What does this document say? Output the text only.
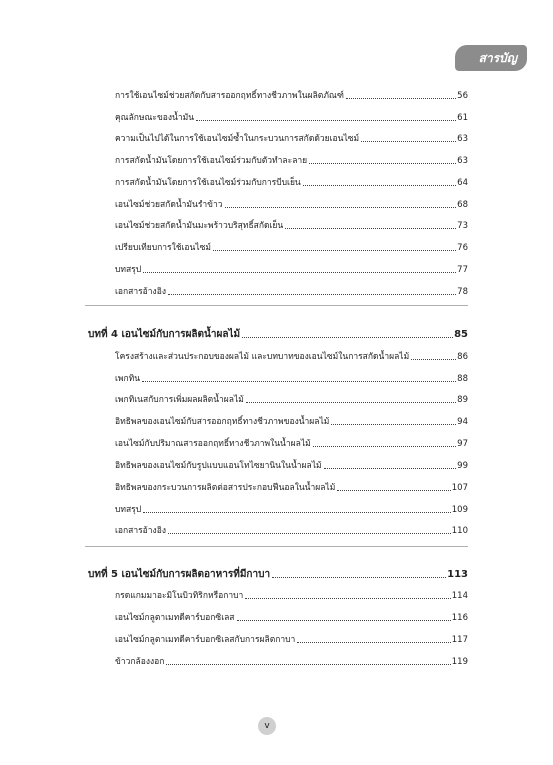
สารบัญ
การใช้เอนไซม์ช่วยสกัดกับสารออกฤทธิ์ทางชีวภาพในผลิตภัณฑ์	56
คุณลักษณะของน้ำมัน	61
ความเป็นไปได้ในการใช้เอนไซม์ซ้ำในกระบวนการสกัดด้วยเอนไซม์	63
การสกัดน้ำมันโดยการใช้เอนไซม์ร่วมกับตัวทำละลาย	63
การสกัดน้ำมันโดยการใช้เอนไซม์ร่วมกับการบีบเย็น	64
เอนไซม์ช่วยสกัดน้ำมันรำข้าว	68
เอนไซม์ช่วยสกัดน้ำมันมะพร้าวบริสุทธิ์สกัดเย็น	73
เปรียบเทียบการใช้เอนไซม์	76
บทสรุป	77
เอกสารอ้างอิง	78
บทที่ 4 เอนไซม์กับการผลิตน้ำผลไม้	85
โครงสร้างและส่วนประกอบของผลไม้ และบทบาทของเอนไซม์ในการสกัดน้ำผลไม้	86
เพกทิน	88
เพกทิเนสกับการเพิ่มผลผลิตน้ำผลไม้	89
อิทธิพลของเอนไซม์กับสารออกฤทธิ์ทางชีวภาพของน้ำผลไม้	94
เอนไซม์กับปริมาณสารออกฤทธิ์ทางชีวภาพในน้ำผลไม้	97
อิทธิพลของเอนไซม์กับรูปแบบแอนโทไซยานินในน้ำผลไม้	99
อิทธิพลของกระบวนการผลิตต่อสารประกอบฟีนอลในน้ำผลไม้	107
บทสรุป	109
เอกสารอ้างอิง	110
บทที่ 5 เอนไซม์กับการผลิตอาหารที่มีกาบา	113
กรดแกมมาอะมิโนบิวทิริกหรือกาบา	114
เอนไซม์กลูตาเมทดีคาร์บอกซิเลส	116
เอนไซม์กลูตาเมทดีคาร์บอกซิเลสกับการผลิตกาบา	117
ข้าวกล้องงอก	119
v
